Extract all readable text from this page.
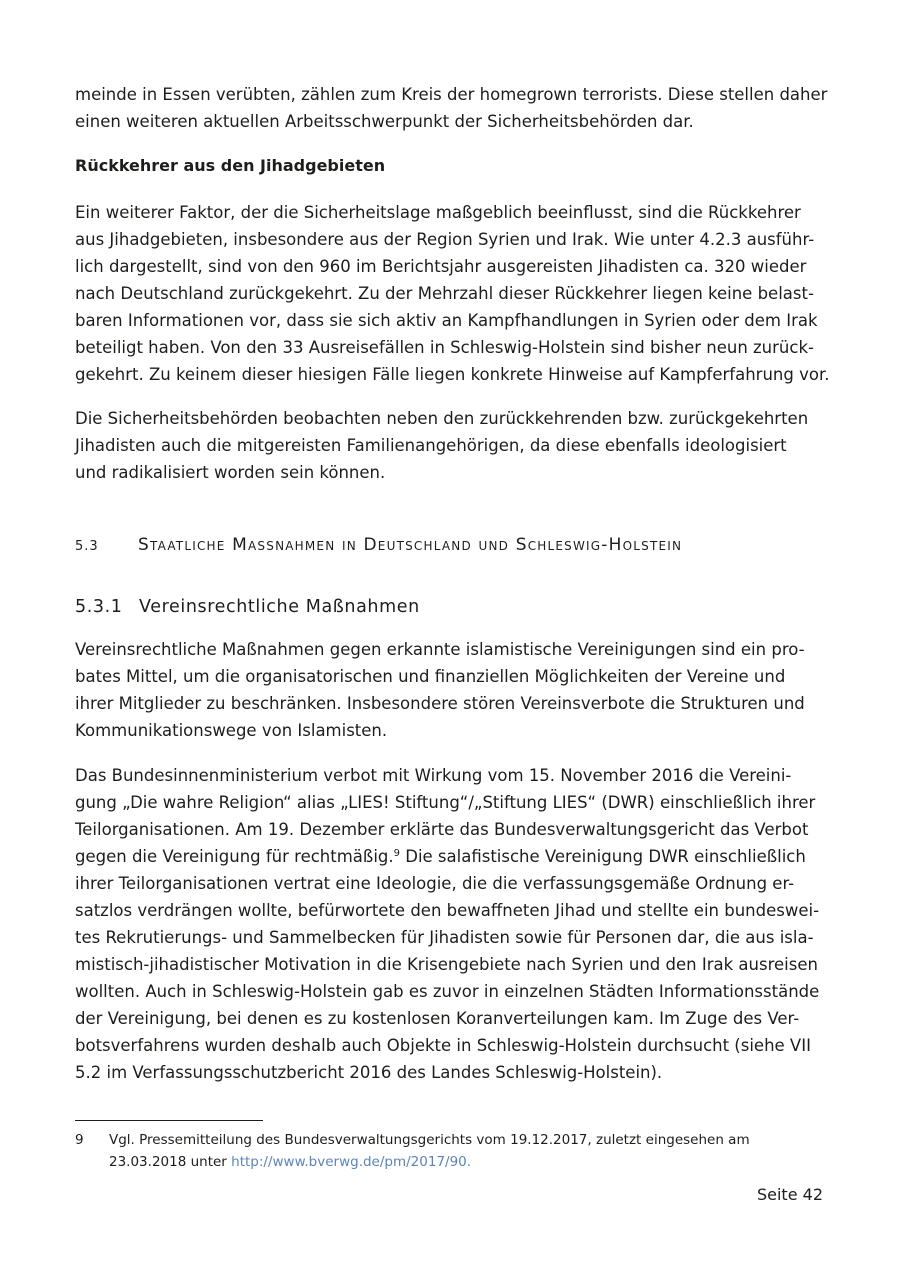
meinde in Essen verübten, zählen zum Kreis der homegrown terrorists. Diese stellen daher
einen weiteren aktuellen Arbeitsschwerpunkt der Sicherheitsbehörden dar.
Rückkehrer aus den Jihadgebieten
Ein weiterer Faktor, der die Sicherheitslage maßgeblich beeinflusst, sind die Rückkehrer
aus Jihadgebieten, insbesondere aus der Region Syrien und Irak. Wie unter 4.2.3 ausführ-
lich dargestellt, sind von den 960 im Berichtsjahr ausgereisten Jihadisten ca. 320 wieder
nach Deutschland zurückgekehrt. Zu der Mehrzahl dieser Rückkehrer liegen keine belast-
baren Informationen vor, dass sie sich aktiv an Kampfhandlungen in Syrien oder dem Irak
beteiligt haben. Von den 33 Ausreisefällen in Schleswig-Holstein sind bisher neun zurück-
gekehrt. Zu keinem dieser hiesigen Fälle liegen konkrete Hinweise auf Kampferfahrung vor.
Die Sicherheitsbehörden beobachten neben den zurückkehrenden bzw. zurückgekehrten
Jihadisten auch die mitgereisten Familienangehörigen, da diese ebenfalls ideologisiert
und radikalisiert worden sein können.
5.3 Staatliche Massnahmen in Deutschland und Schleswig-Holstein
5.3.1 Vereinsrechtliche Maßnahmen
Vereinsrechtliche Maßnahmen gegen erkannte islamistische Vereinigungen sind ein pro-
bates Mittel, um die organisatorischen und finanziellen Möglichkeiten der Vereine und
ihrer Mitglieder zu beschränken. Insbesondere stören Vereinsverbote die Strukturen und
Kommunikationswege von Islamisten.
Das Bundesinnenministerium verbot mit Wirkung vom 15. November 2016 die Vereini-
gung „Die wahre Religion“ alias „LIES! Stiftung“/„Stiftung LIES“ (DWR) einschließlich ihrer
Teilorganisationen. Am 19. Dezember erklärte das Bundesverwaltungsgericht das Verbot
gegen die Vereinigung für rechtmäßig.$^9$ Die salafistische Vereinigung DWR einschließlich
ihrer Teilorganisationen vertrat eine Ideologie, die die verfassungsgemäße Ordnung er-
satzlos verdrängen wollte, befürwortete den bewaffneten Jihad und stellte ein bundeswei-
tes Rekrutierungs- und Sammelbecken für Jihadisten sowie für Personen dar, die aus isla-
mistisch-jihadistischer Motivation in die Krisengebiete nach Syrien und den Irak ausreisen
wollten. Auch in Schleswig-Holstein gab es zuvor in einzelnen Städten Informationsstände
der Vereinigung, bei denen es zu kostenlosen Koranverteilungen kam. Im Zuge des Ver-
botsverfahrens wurden deshalb auch Objekte in Schleswig-Holstein durchsucht (siehe VII
5.2 im Verfassungsschutzbericht 2016 des Landes Schleswig-Holstein).
9 Vgl. Pressemitteilung des Bundesverwaltungsgerichts vom 19.12.2017, zuletzt eingesehen am
23.03.2018 unter http://www.bverwg.de/pm/2017/90.
Seite 42
